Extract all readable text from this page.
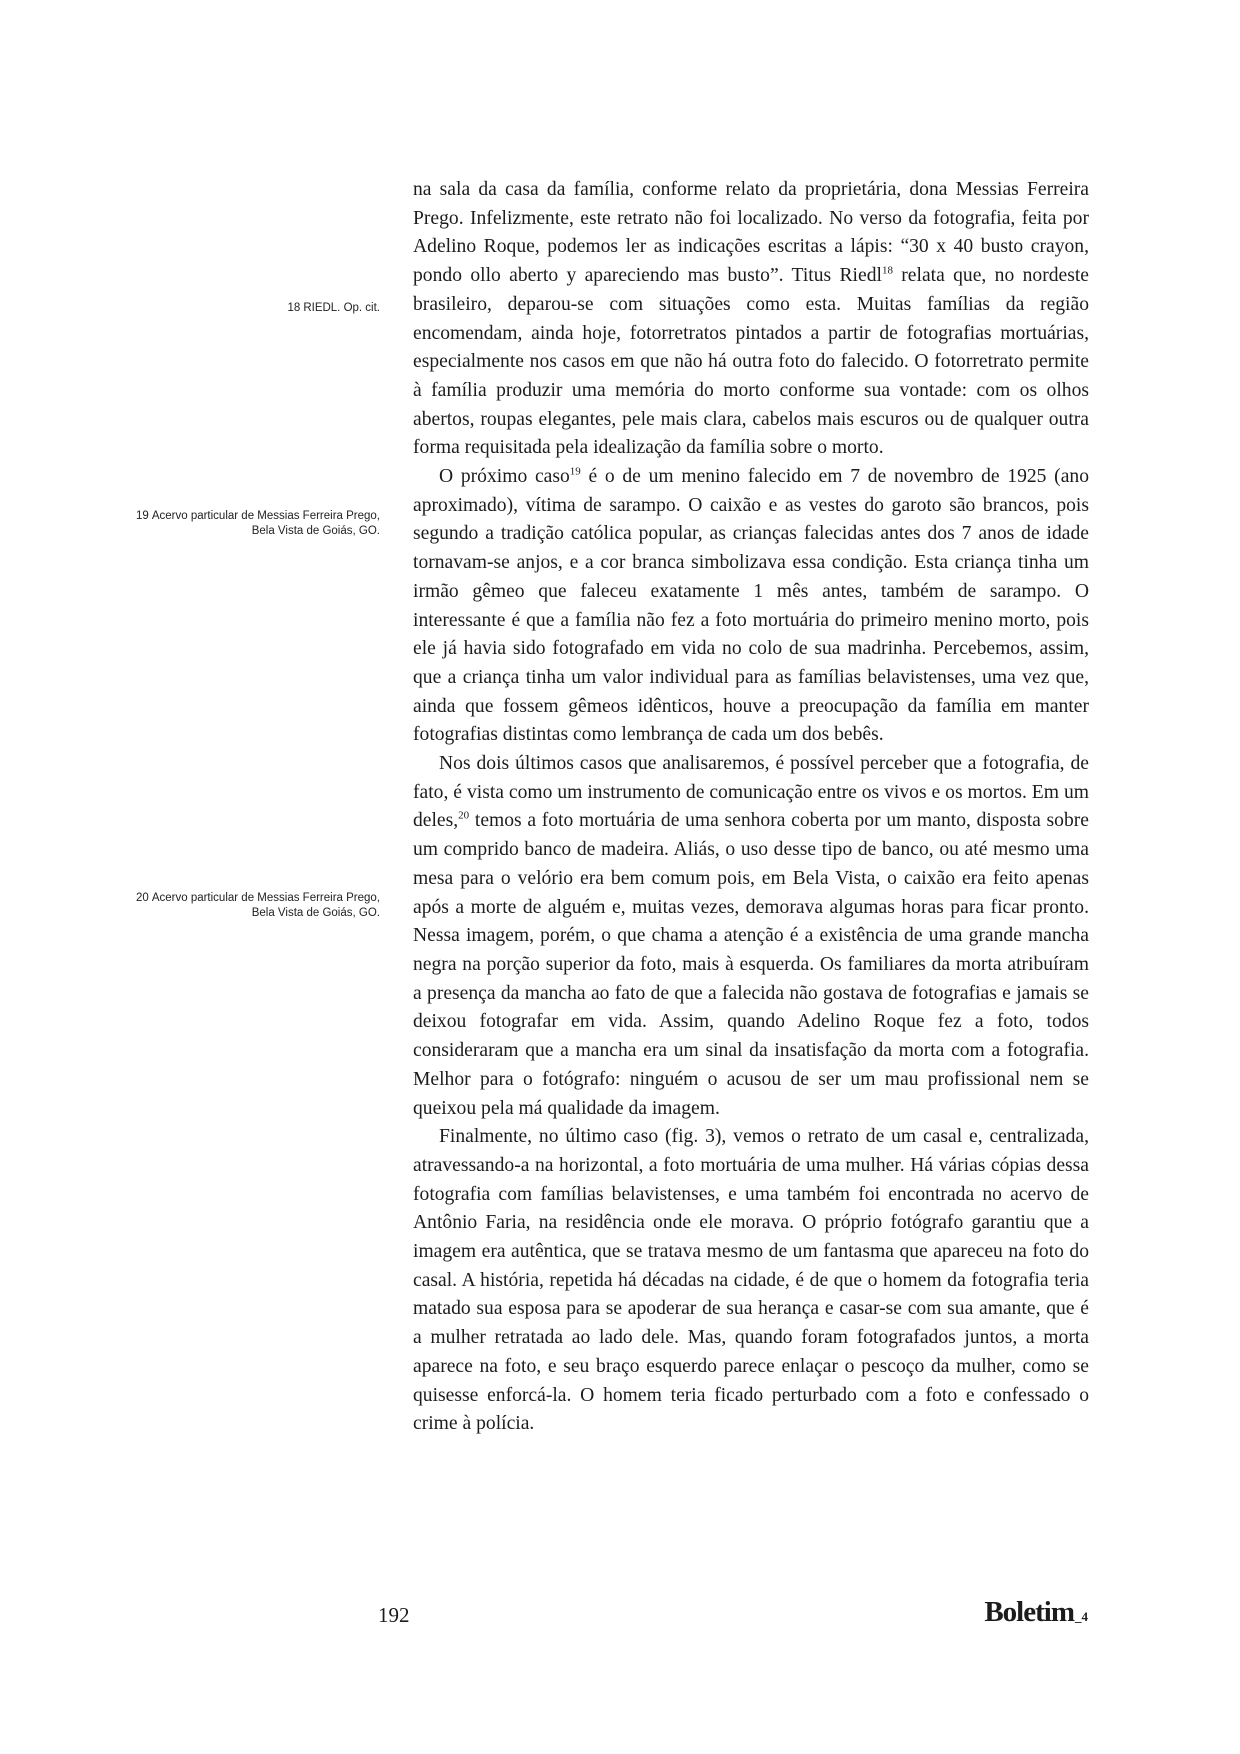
18 RIEDL. Op. cit.
19 Acervo particular de Messias Ferreira Prego, Bela Vista de Goiás, GO.
20 Acervo particular de Messias Ferreira Prego, Bela Vista de Goiás, GO.

na sala da casa da família, conforme relato da proprietária, dona Messias Ferreira Prego. Infelizmente, este retrato não foi localizado. No verso da fotografia, feita por Adelino Roque, podemos ler as indicações escritas a lápis: “30 x 40 busto crayon, pondo ollo aberto y apareciendo mas busto”. Titus Riedl$^{18}$ relata que, no nordeste brasileiro, deparou-se com situações como esta. Muitas famílias da região encomendam, ainda hoje, fotorretratos pintados a partir de fotografias mortuárias, especialmente nos casos em que não há outra foto do falecido. O fotorretrato permite à família produzir uma memória do morto conforme sua vontade: com os olhos abertos, roupas elegantes, pele mais clara, cabelos mais escuros ou de qualquer outra forma requisitada pela idealização da família sobre o morto.

O próximo caso$^{19}$ é o de um menino falecido em 7 de novembro de 1925 (ano aproximado), vítima de sarampo. O caixão e as vestes do garoto são brancos, pois segundo a tradição católica popular, as crianças falecidas antes dos 7 anos de idade tornavam-se anjos, e a cor branca simbolizava essa condição. Esta criança tinha um irmão gêmeo que faleceu exatamente 1 mês antes, também de sarampo. O interessante é que a família não fez a foto mortuária do primeiro menino morto, pois ele já havia sido fotografado em vida no colo de sua madrinha. Percebemos, assim, que a criança tinha um valor individual para as famílias belavistenses, uma vez que, ainda que fossem gêmeos idênticos, houve a preocupação da família em manter fotografias distintas como lembrança de cada um dos bebês.

Nos dois últimos casos que analisaremos, é possível perceber que a fotografia, de fato, é vista como um instrumento de comunicação entre os vivos e os mortos. Em um deles,$^{20}$ temos a foto mortuária de uma senhora coberta por um manto, disposta sobre um comprido banco de madeira. Aliás, o uso desse tipo de banco, ou até mesmo uma mesa para o velório era bem comum pois, em Bela Vista, o caixão era feito apenas após a morte de alguém e, muitas vezes, demorava algumas horas para ficar pronto. Nessa imagem, porém, o que chama a atenção é a existência de uma grande mancha negra na porção superior da foto, mais à esquerda. Os familiares da morta atribuíram a presença da mancha ao fato de que a falecida não gostava de fotografias e jamais se deixou fotografar em vida. Assim, quando Adelino Roque fez a foto, todos consideraram que a mancha era um sinal da insatisfação da morta com a fotografia. Melhor para o fotógrafo: ninguém o acusou de ser um mau profissional nem se queixou pela má qualidade da imagem.

Finalmente, no último caso (fig. 3), vemos o retrato de um casal e, centralizada, atravessando-a na horizontal, a foto mortuária de uma mulher. Há várias cópias dessa fotografia com famílias belavistenses, e uma também foi encontrada no acervo de Antônio Faria, na residência onde ele morava. O próprio fotógrafo garantiu que a imagem era autêntica, que se tratava mesmo de um fantasma que apareceu na foto do casal. A história, repetida há décadas na cidade, é de que o homem da fotografia teria matado sua esposa para se apoderar de sua herança e casar-se com sua amante, que é a mulher retratada ao lado dele. Mas, quando foram fotografados juntos, a morta aparece na foto, e seu braço esquerdo parece enlaçar o pescoço da mulher, como se quisesse enforcá-la. O homem teria ficado perturbado com a foto e confessado o crime à polícia.

192	Boletim_4
